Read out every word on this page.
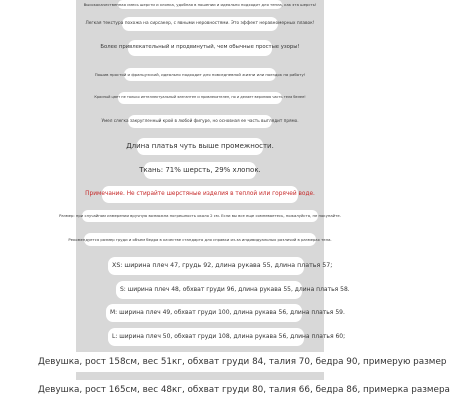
Высококачественная смесь шерсти и хлопка, удобная в ношении и идеально подходит для тепла, как эта шерсть!
Легкая текстура похожа на сирсакер, с явными неровностями. Это эффект неравномерных плавок!
Более привлекательный и продвинутый, чем обычные простые узоры!
Пошив простой и французский, идеально подходит для повседневной жизни или поездок на работу!
Красный цвет не только интеллектуальный элегантен и привлекателен, но и делает верхнюю часть тела белее!
Умел слегка закругленный крой в любой фигуре, но основная ее часть выглядит прямо.
Длина платья чуть выше промежности.
Ткань: 71% шерсть, 29% хлопок.
Примечание. Не стирайте шерстяные изделия в теплой или горячей воде.
Размер: при случайном измерении вручную возможна погрешность около 2 см. Если вы все еще сомневаетесь, пожалуйста, не покупайте.
Рекомендуется размер груди и объем бедра в качестве стандарта для справки из-за индивидуальных различий в размерах тела.
XS: ширина плеч 47, грудь 92, длина рукава 55, длина платья 57;
S: ширина плеч 48, обхват груди 96, длина рукава 55, длина платья 58.
M: ширина плеч 49, обхват груди 100, длина рукава 56, длина платья 59.
L: ширина плеч 50, обхват груди 108, длина рукава 56, длина платья 60;
Девушка, рост 158см, вес 51кг, обхват груди 84, талия 70, бедра 90, примерую размер
Девушка, рост 165см, вес 48кг, обхват груди 80, талия 66, бедра 86, примерка размера
